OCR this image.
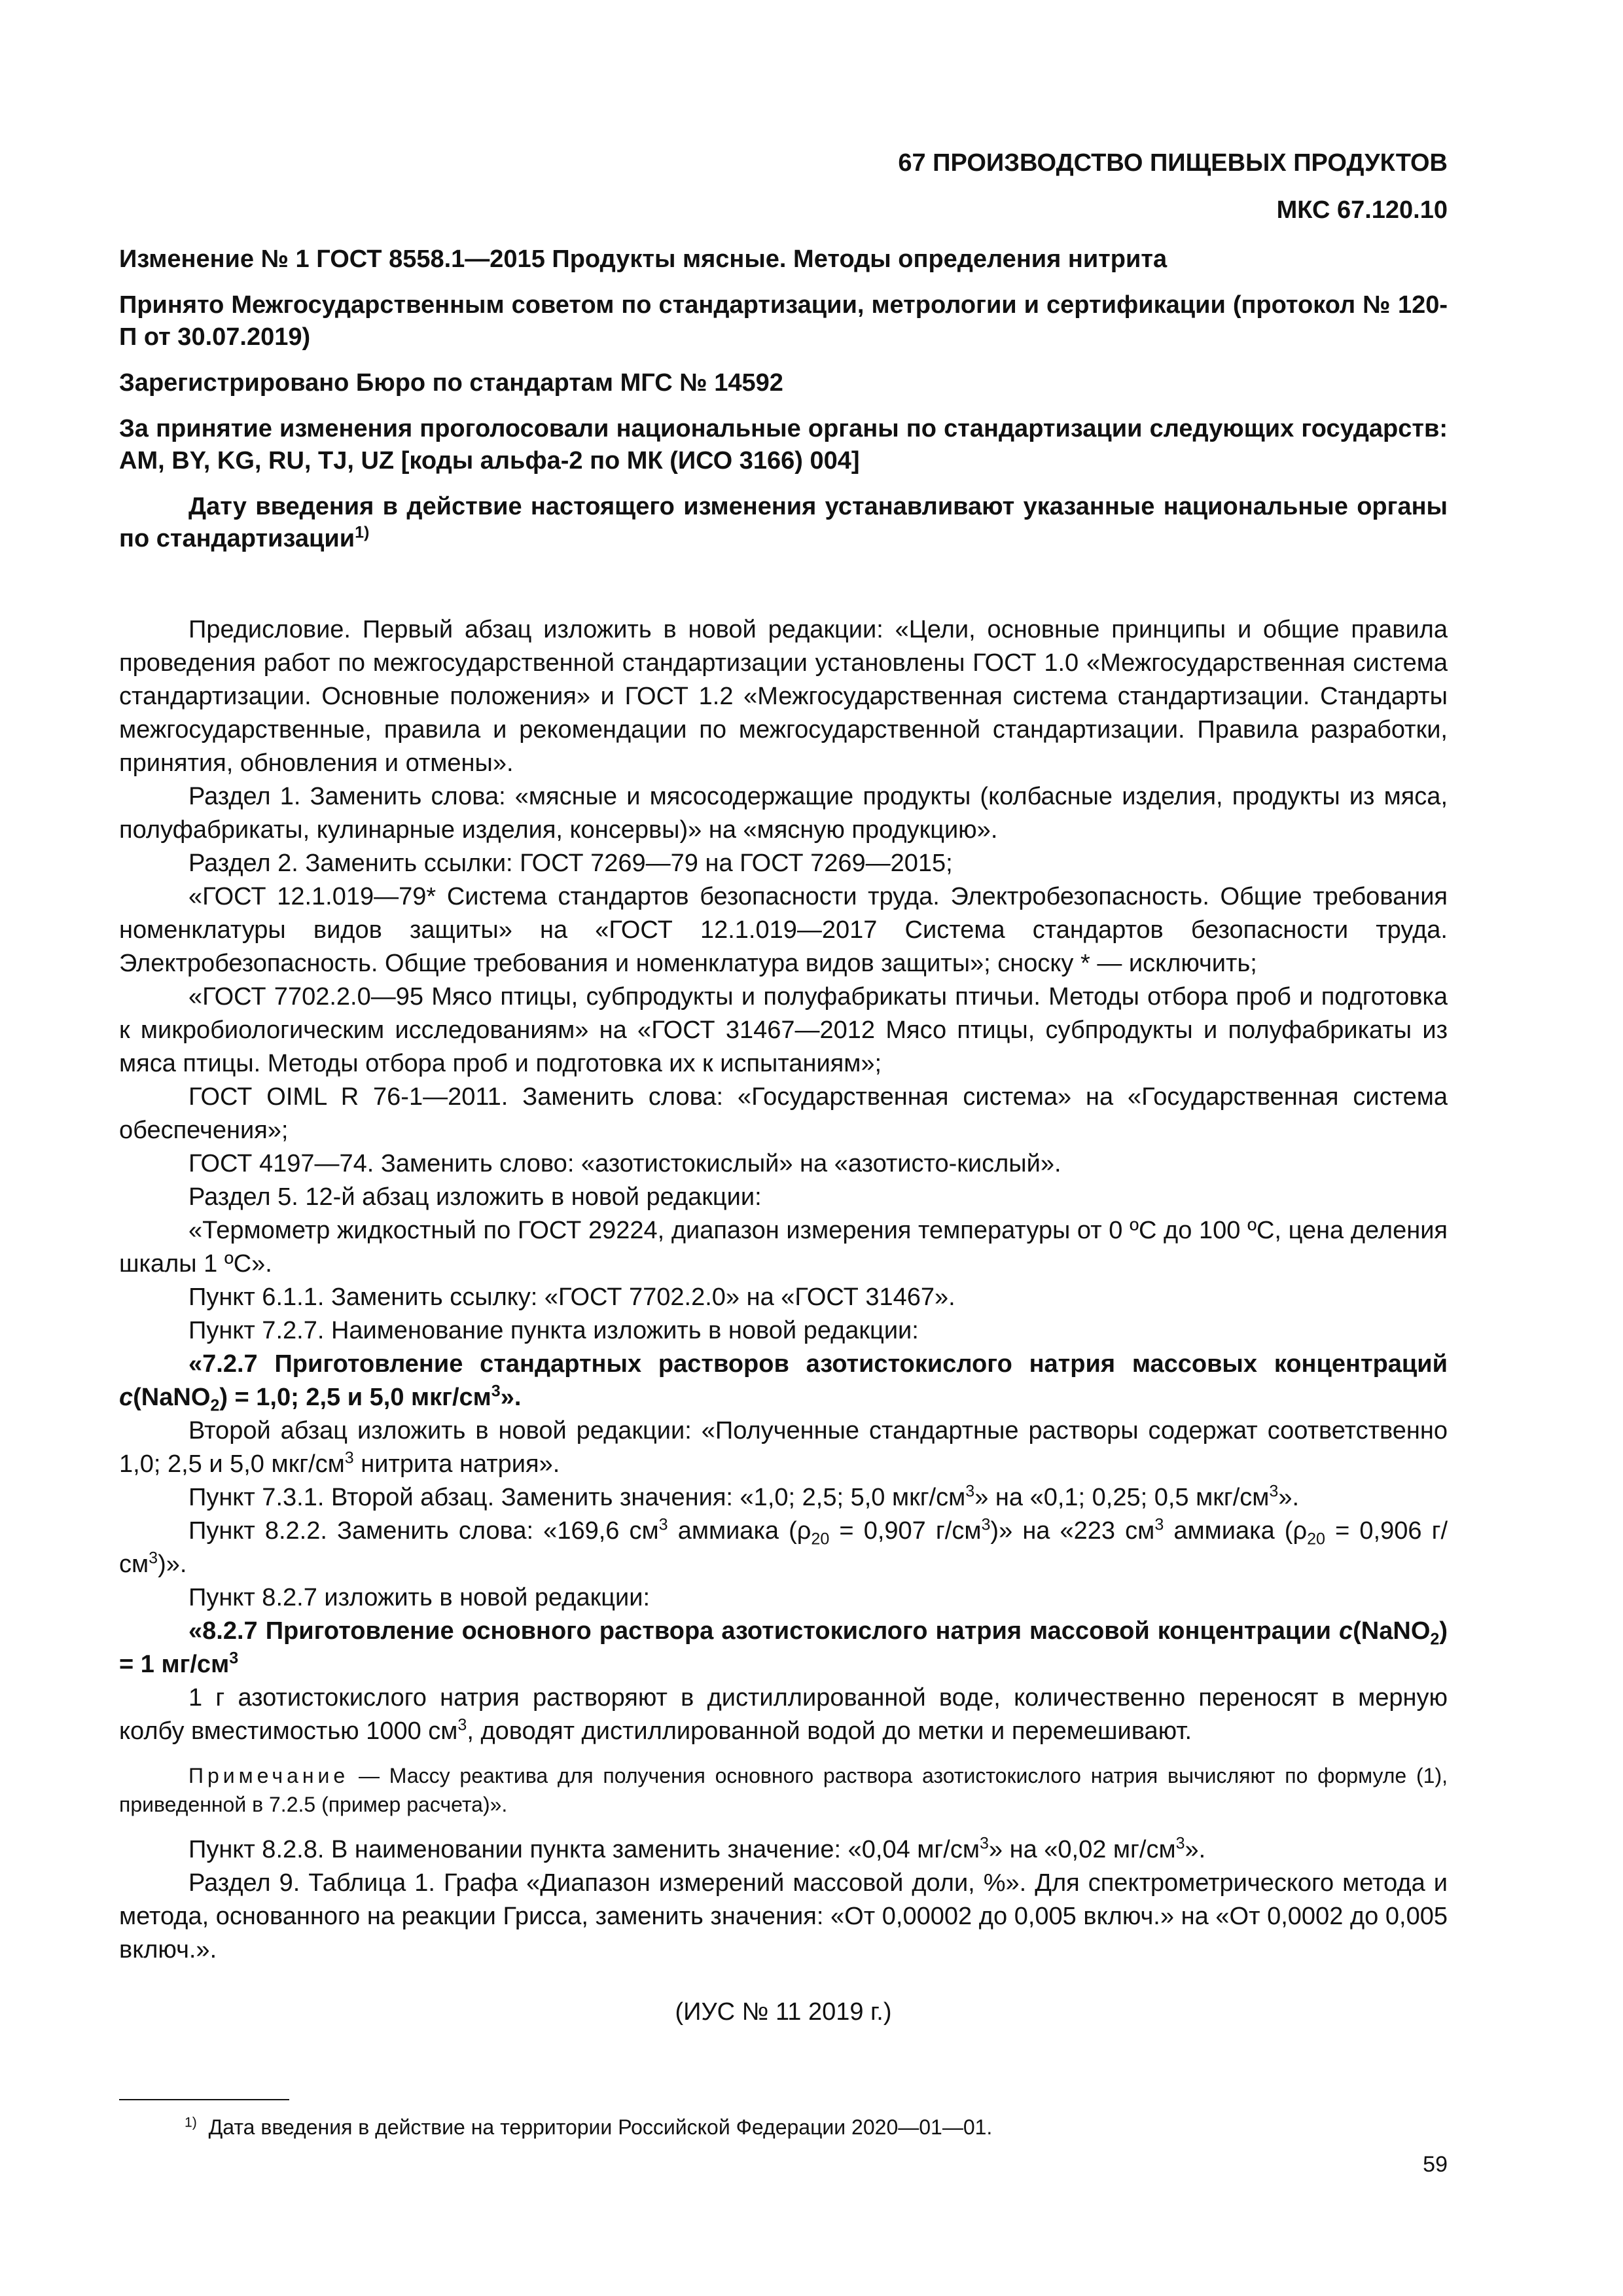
67 ПРОИЗВОДСТВО ПИЩЕВЫХ ПРОДУКТОВ
МКС 67.120.10

Изменение № 1 ГОСТ 8558.1—2015 Продукты мясные. Методы определения нитрита

Принято Межгосударственным советом по стандартизации, метрологии и сертификации (протокол № 120-П от 30.07.2019)

Зарегистрировано Бюро по стандартам МГС № 14592

За принятие изменения проголосовали национальные органы по стандартизации следующих государств: AM, BY, KG, RU, TJ, UZ [коды альфа-2 по МК (ИСО 3166) 004]

Дату введения в действие настоящего изменения устанавливают указанные национальные органы по стандартизации$^{1)}$

Предисловие. Первый абзац изложить в новой редакции: «Цели, основные принципы и общие правила проведения работ по межгосударственной стандартизации установлены ГОСТ 1.0 «Межгосударственная система стандартизации. Основные положения» и ГОСТ 1.2 «Межгосударственная система стандартизации. Стандарты межгосударственные, правила и рекомендации по межгосударственной стандартизации. Правила разработки, принятия, обновления и отмены».

Раздел 1. Заменить слова: «мясные и мясосодержащие продукты (колбасные изделия, продукты из мяса, полуфабрикаты, кулинарные изделия, консервы)» на «мясную продукцию».

Раздел 2. Заменить ссылки: ГОСТ 7269—79 на ГОСТ 7269—2015;

«ГОСТ 12.1.019—79* Система стандартов безопасности труда. Электробезопасность. Общие требования номенклатуры видов защиты» на «ГОСТ 12.1.019—2017 Система стандартов безопасности труда. Электробезопасность. Общие требования и номенклатура видов защиты»; сноску * — исключить;

«ГОСТ 7702.2.0—95 Мясо птицы, субпродукты и полуфабрикаты птичьи. Методы отбора проб и подготовка к микробиологическим исследованиям» на «ГОСТ 31467—2012 Мясо птицы, субпродукты и полуфабрикаты из мяса птицы. Методы отбора проб и подготовка их к испытаниям»;

ГОСТ OIML R 76-1—2011. Заменить слова: «Государственная система» на «Государственная система обеспечения»;

ГОСТ 4197—74. Заменить слово: «азотистокислый» на «азотисто-кислый».

Раздел 5. 12-й абзац изложить в новой редакции:

«Термометр жидкостный по ГОСТ 29224, диапазон измерения температуры от 0 ºС до 100 ºС, цена деления шкалы 1 ºС».

Пункт 6.1.1. Заменить ссылку: «ГОСТ 7702.2.0» на «ГОСТ 31467».

Пункт 7.2.7. Наименование пункта изложить в новой редакции:

«7.2.7 Приготовление стандартных растворов азотистокислого натрия массовых концентраций c(NaNO$_2$) = 1,0; 2,5 и 5,0 мкг/$см^3$».

Второй абзац изложить в новой редакции: «Полученные стандартные растворы содержат соответственно 1,0; 2,5 и 5,0 мкг/$см^3$ нитрита натрия».

Пункт 7.3.1. Второй абзац. Заменить значения: «1,0; 2,5; 5,0 мкг/$см^3$» на «0,1; 0,25; 0,5 мкг/$см^3$».

Пункт 8.2.2. Заменить слова: «169,6 $см^3$ аммиака ($\rho_{20} = 0,907$ $г/см^3$)» на «223 $см^3$ аммиака ($\rho_{20} = 0,906$ $г/см^3$)».

Пункт 8.2.7 изложить в новой редакции:

«8.2.7 Приготовление основного раствора азотистокислого натрия массовой концентрации c(NaNO$_2$) = 1 $мг/см^3$

1 г азотистокислого натрия растворяют в дистиллированной воде, количественно переносят в мерную колбу вместимостью 1000 $см^3$, доводят дистиллированной водой до метки и перемешивают.

Примечание — Массу реактива для получения основного раствора азотистокислого натрия вычисляют по формуле (1), приведенной в 7.2.5 (пример расчета)».

Пункт 8.2.8. В наименовании пункта заменить значение: «0,04 $мг/см^3$» на «0,02 $мг/см^3$».

Раздел 9. Таблица 1. Графа «Диапазон измерений массовой доли, %». Для спектрометрического метода и метода, основанного на реакции Грисса, заменить значения: «От 0,00002 до 0,005 включ.» на «От 0,0002 до 0,005 включ.».

(ИУС № 11 2019 г.)

$^{1)}$ Дата введения в действие на территории Российской Федерации 2020—01—01.

59
